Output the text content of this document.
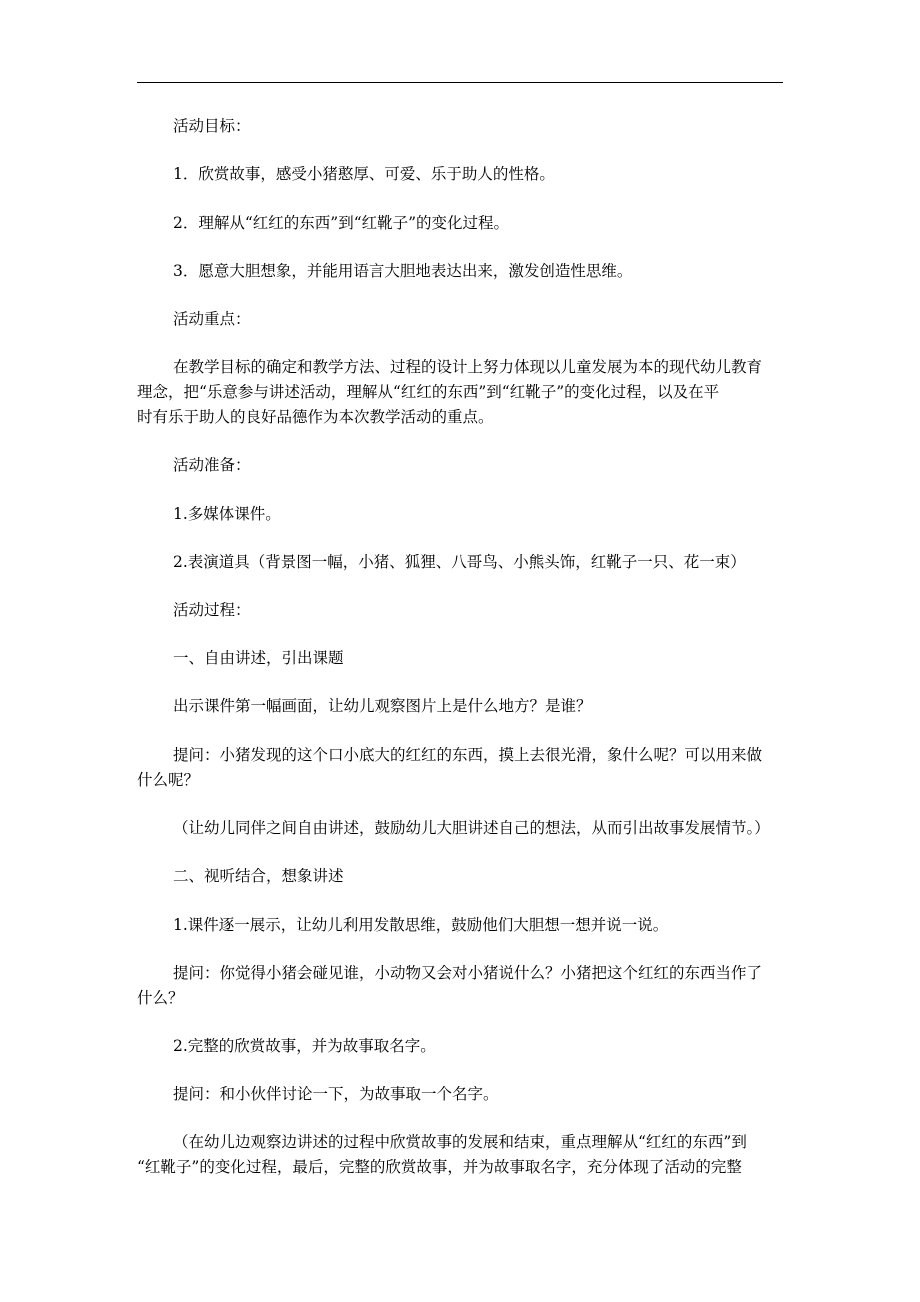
活动目标：
1．欣赏故事，感受小猪憨厚、可爱、乐于助人的性格。
2．理解从“红红的东西”到“红靴子”的变化过程。
3．愿意大胆想象，并能用语言大胆地表达出来，激发创造性思维。
活动重点：
在教学目标的确定和教学方法、过程的设计上努力体现以儿童发展为本的现代幼儿教育
理念，把“乐意参与讲述活动，理解从“红红的东西”到“红靴子”的变化过程，以及在平
时有乐于助人的良好品德作为本次教学活动的重点。
活动准备：
1.多媒体课件。
2.表演道具（背景图一幅，小猪、狐狸、八哥鸟、小熊头饰，红靴子一只、花一束）
活动过程：
一、自由讲述，引出课题
出示课件第一幅画面，让幼儿观察图片上是什么地方？是谁？
提问：小猪发现的这个口小底大的红红的东西，摸上去很光滑，象什么呢？可以用来做
什么呢？
（让幼儿同伴之间自由讲述，鼓励幼儿大胆讲述自己的想法，从而引出故事发展情节。）
二、视听结合，想象讲述
1.课件逐一展示，让幼儿利用发散思维，鼓励他们大胆想一想并说一说。
提问：你觉得小猪会碰见谁，小动物又会对小猪说什么？小猪把这个红红的东西当作了
什么？
2.完整的欣赏故事，并为故事取名字。
提问：和小伙伴讨论一下，为故事取一个名字。
（在幼儿边观察边讲述的过程中欣赏故事的发展和结束，重点理解从“红红的东西”到
“红靴子”的变化过程，最后，完整的欣赏故事，并为故事取名字，充分体现了活动的完整
